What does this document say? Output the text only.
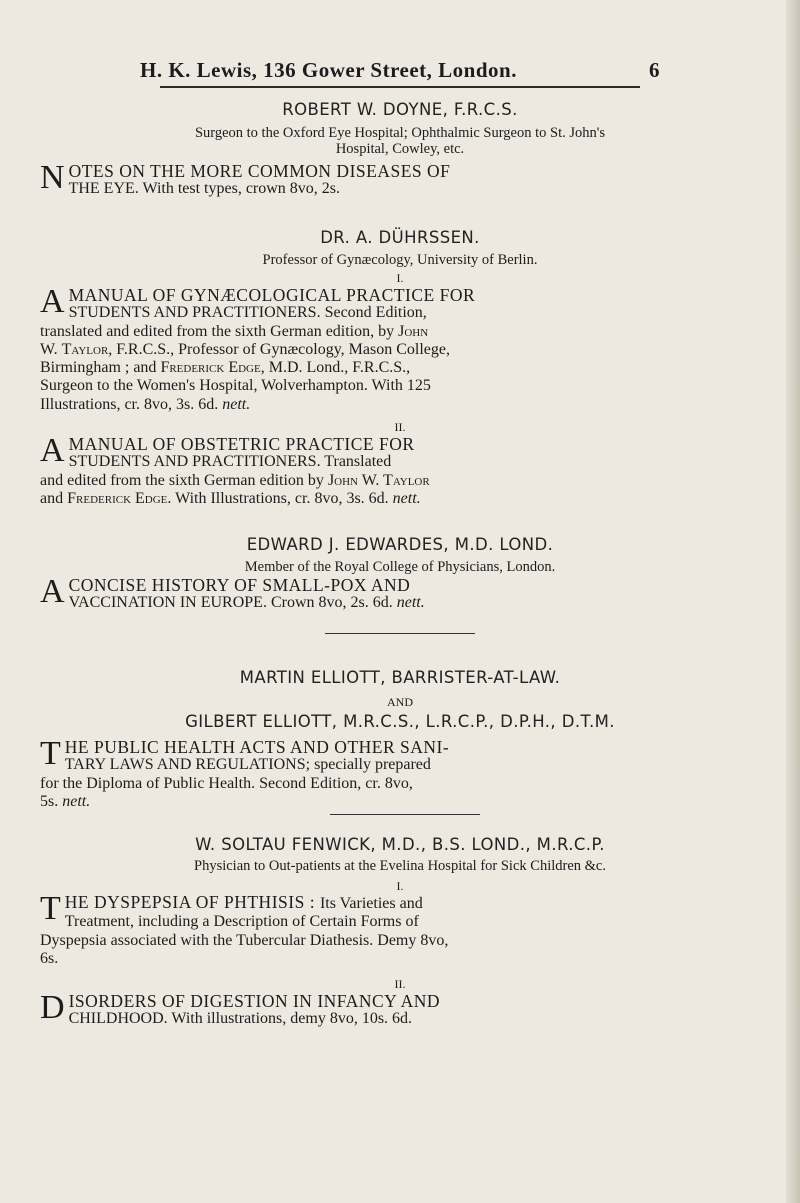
H. K. Lewis, 136 Gower Street, London.	6
ROBERT W. DOYNE, F.R.C.S.
Surgeon to the Oxford Eye Hospital; Ophthalmic Surgeon to St. John's
Hospital, Cowley, etc.
N OTES ON THE MORE COMMON DISEASES OF
THE EYE. With test types, crown 8vo, 2s.
DR. A. DÜHRSSEN.
Professor of Gynæcology, University of Berlin.
I.
A MANUAL OF GYNÆCOLOGICAL PRACTICE FOR
STUDENTS AND PRACTITIONERS. Second Edition,
translated and edited from the sixth German edition, by John
W. Taylor, F.R.C.S., Professor of Gynæcology, Mason College,
Birmingham ; and Frederick Edge, M.D. Lond., F.R.C.S.,
Surgeon to the Women's Hospital, Wolverhampton. With 125
Illustrations, cr. 8vo, 3s. 6d. nett.
II.
A MANUAL OF OBSTETRIC PRACTICE FOR
STUDENTS AND PRACTITIONERS. Translated
and edited from the sixth German edition by John W. Taylor
and Frederick Edge. With Illustrations, cr. 8vo, 3s. 6d. nett.
EDWARD J. EDWARDES, M.D. LOND.
Member of the Royal College of Physicians, London.
A CONCISE HISTORY OF SMALL-POX AND
VACCINATION IN EUROPE. Crown 8vo, 2s. 6d. nett.
MARTIN ELLIOTT, BARRISTER-AT-LAW.
AND
GILBERT ELLIOTT, M.R.C.S., L.R.C.P., D.P.H., D.T.M.
T HE PUBLIC HEALTH ACTS AND OTHER SANI-
TARY LAWS AND REGULATIONS; specially prepared
for the Diploma of Public Health. Second Edition, cr. 8vo,
5s. nett.
W. SOLTAU FENWICK, M.D., B.S. LOND., M.R.C.P.
Physician to Out-patients at the Evelina Hospital for Sick Children &c.
I.
T HE DYSPEPSIA OF PHTHISIS : Its Varieties and
Treatment, including a Description of Certain Forms of
Dyspepsia associated with the Tubercular Diathesis. Demy 8vo,
6s.
II.
D ISORDERS OF DIGESTION IN INFANCY AND
CHILDHOOD. With illustrations, demy 8vo, 10s. 6d.
